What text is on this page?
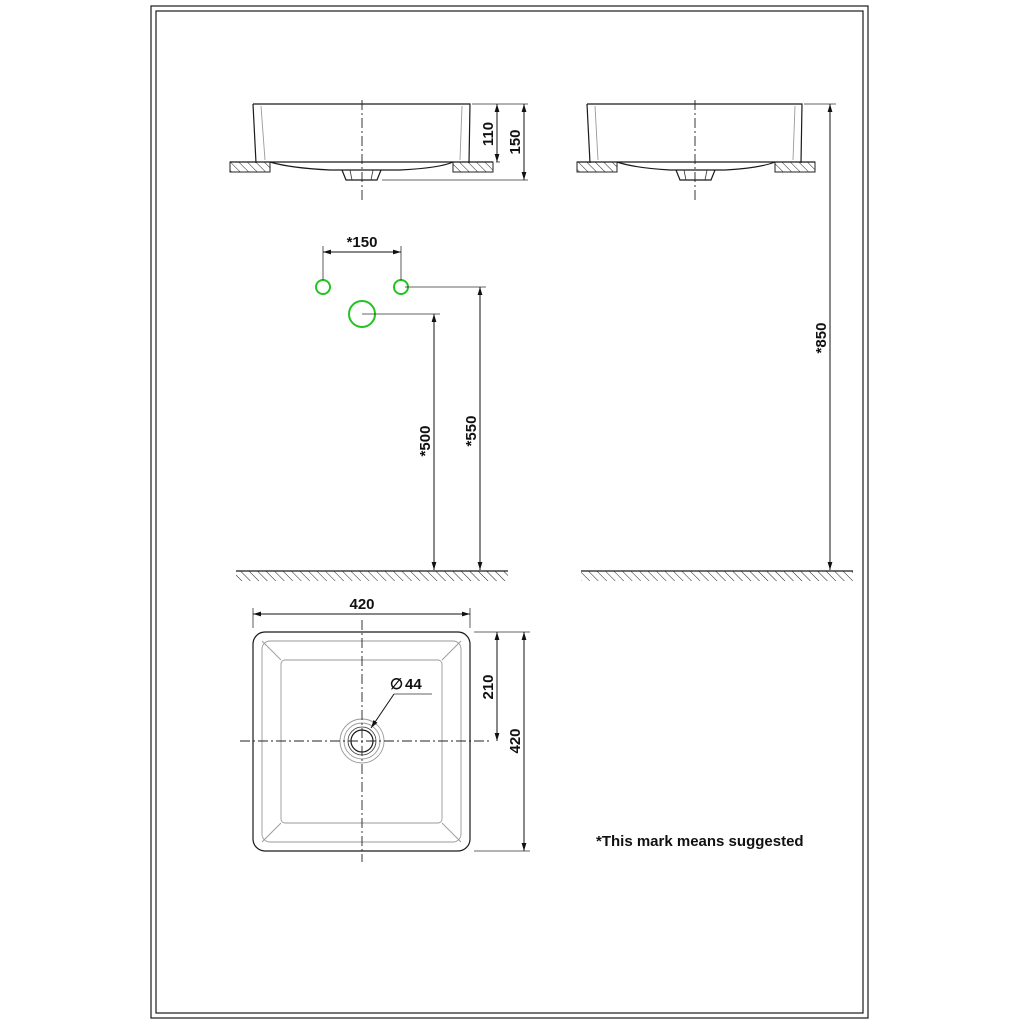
110 150
*150
*500 *550
*850
∅ 44
420
210
420
*This mark means suggested
